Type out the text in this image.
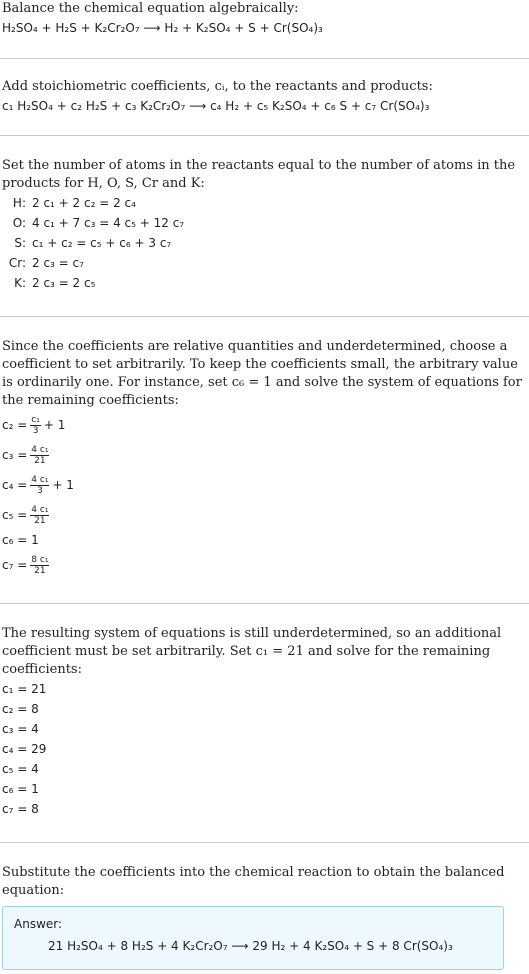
Balance the chemical equation algebraically:

H₂SO₄ + H₂S + K₂Cr₂O₇ ⟶ H₂ + K₂SO₄ + S + Cr(SO₄)₃

Add stoichiometric coefficients, cᵢ, to the reactants and products:

c₁ H₂SO₄ + c₂ H₂S + c₃ K₂Cr₂O₇ ⟶ c₄ H₂ + c₅ K₂SO₄ + c₆ S + c₇ Cr(SO₄)₃

Set the number of atoms in the reactants equal to the number of atoms in the products for H, O, S, Cr and K:

H: 2 c₁ + 2 c₂ = 2 c₄
O: 4 c₁ + 7 c₃ = 4 c₅ + 12 c₇
S: c₁ + c₂ = c₅ + c₆ + 3 c₇
Cr: 2 c₃ = c₇
K: 2 c₃ = 2 c₅

Since the coefficients are relative quantities and underdetermined, choose a coefficient to set arbitrarily. To keep the coefficients small, the arbitrary value is ordinarily one. For instance, set c₆ = 1 and solve the system of equations for the remaining coefficients:

$c_2 = \frac{\text{c₁}}{3} + 1$
$c_3 = \frac{\text{4 c₁}}{21}$
$c_4 = \frac{\text{4 c₁}}{3} + 1$
$c_5 = \frac{\text{4 c₁}}{21}$
c₆ = 1
$c_7 = \frac{\text{8 c₁}}{21}$

The resulting system of equations is still underdetermined, so an additional coefficient must be set arbitrarily. Set c₁ = 21 and solve for the remaining coefficients:

c₁ = 21
c₂ = 8
c₃ = 4
c₄ = 29
c₅ = 4
c₆ = 1
c₇ = 8

Substitute the coefficients into the chemical reaction to obtain the balanced equation:

Answer:
21 H₂SO₄ + 8 H₂S + 4 K₂Cr₂O₇ ⟶ 29 H₂ + 4 K₂SO₄ + S + 8 Cr(SO₄)₃
